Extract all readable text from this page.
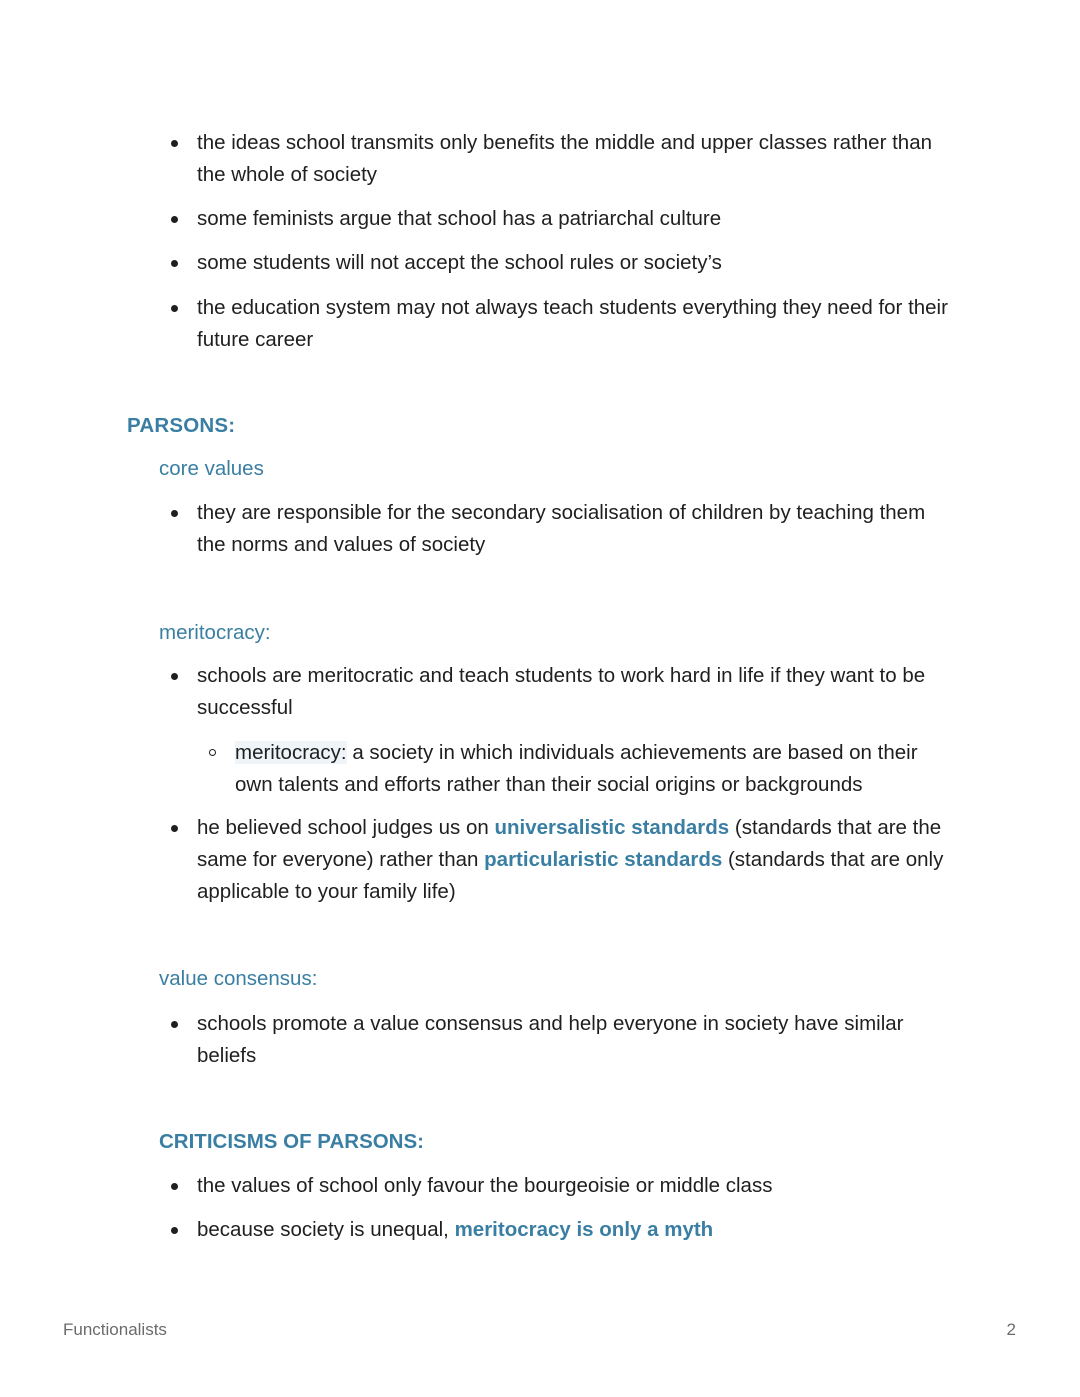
the ideas school transmits only benefits the middle and upper classes rather than the whole of society
some feminists argue that school has a patriarchal culture
some students will not accept the school rules or society’s
the education system may not always teach students everything they need for their future career
PARSONS:
core values
they are responsible for the secondary socialisation of children by teaching them the norms and values of society
meritocracy:
schools are meritocratic and teach students to work hard in life if they want to be successful
meritocracy: a society in which individuals achievements are based on their own talents and efforts rather than their social origins or backgrounds
he believed school judges us on universalistic standards (standards that are the same for everyone) rather than particularistic standards (standards that are only applicable to your family life)
value consensus:
schools promote a value consensus and help everyone in society have similar beliefs
CRITICISMS OF PARSONS:
the values of school only favour the bourgeoisie or middle class
because society is unequal, meritocracy is only a myth
Functionalists	2
